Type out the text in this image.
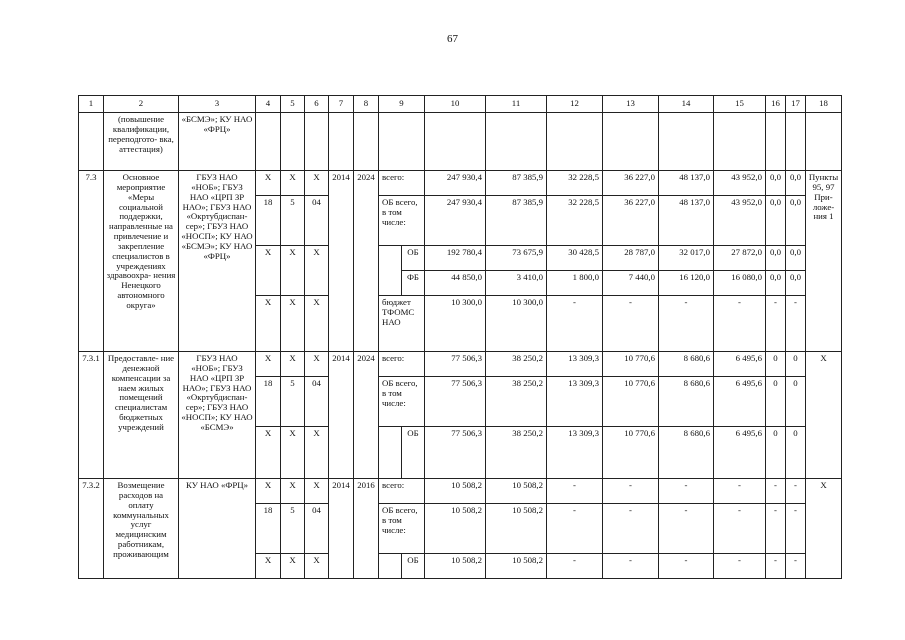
67
1	2	3	4	5	6	7	8	9		10	11	12	13	14	15	16	17	18
	(повышение квалификации, переподгото- вка, аттестация)	«БСМЭ»; КУ НАО «ФРЦ»																
7.3	Основное мероприятие «Меры социальной поддержки, направленные на привлечение и закрепление специалистов в учреждениях здравоохра- нения Ненецкого автономного округа»	ГБУЗ НАО «НОБ»; ГБУЗ НАО «ЦРП ЗР НАО»; ГБУЗ НАО «Окртубдиспан- сер»; ГБУЗ НАО «НОСП»; КУ НАО «БСМЭ»; КУ НАО «ФРЦ»	X	X	X	2014	2024	всего:		247 930,4	87 385,9	32 228,5	36 227,0	48 137,0	43 952,0	0,0	0,0	Пункты 95, 97 При- ложе- ния 1
			18	5	04			ОБ всего, в том числе:		247 930,4	87 385,9	32 228,5	36 227,0	48 137,0	43 952,0	0,0	0,0	
			X	X	X				ОБ	192 780,4	73 675,9	30 428,5	28 787,0	32 017,0	27 872,0	0,0	0,0	
									ФБ	44 850,0	3 410,0	1 800,0	7 440,0	16 120,0	16 080,0	0,0	0,0	
			X	X	X			бюджет ТФОМС НАО		10 300,0	10 300,0	-	-	-	-	-	-	
7.3.1	Предоставле- ние денежной компенсации за наем жилых помещений специалистам бюджетных учреждений	ГБУЗ НАО «НОБ»; ГБУЗ НАО «ЦРП ЗР НАО»; ГБУЗ НАО «Окртубдиспан- сер»; ГБУЗ НАО «НОСП»; КУ НАО «БСМЭ»	X	X	X	2014	2024	всего:		77 506,3	38 250,2	13 309,3	10 770,6	8 680,6	6 495,6	0	0	X
			18	5	04			ОБ всего, в том числе:		77 506,3	38 250,2	13 309,3	10 770,6	8 680,6	6 495,6	0	0	
			X	X	X				ОБ	77 506,3	38 250,2	13 309,3	10 770,6	8 680,6	6 495,6	0	0	
7.3.2	Возмещение расходов на оплату коммунальных услуг медицинским работникам, проживающим	КУ НАО «ФРЦ»	X	X	X	2014	2016	всего:		10 508,2	10 508,2	-	-	-	-	-	-	X
			18	5	04			ОБ всего, в том числе:		10 508,2	10 508,2	-	-	-	-	-	-	
			X	X	X				ОБ	10 508,2	10 508,2	-	-	-	-	-	-	
